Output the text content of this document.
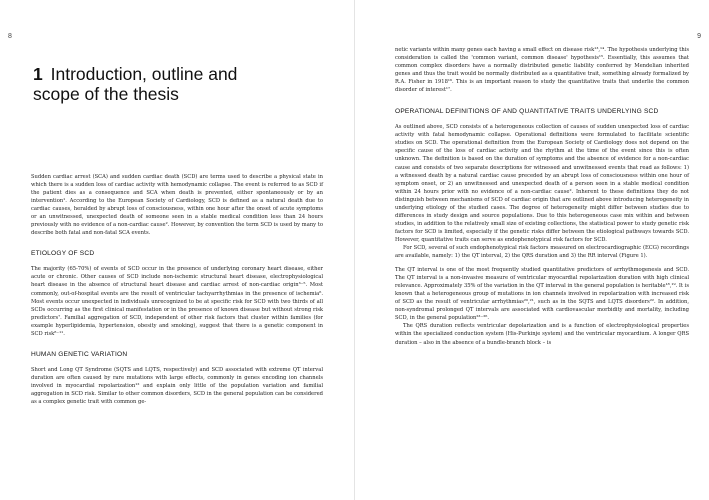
8
1 Introduction, outline and scope of the thesis

Sudden cardiac arrest (SCA) and sudden cardiac death (SCD) are terms used to describe a physical state in which there is a sudden loss of cardiac activity with hemodynamic collapse. The event is referred to as SCD if the patient dies as a consequence and SCA when death is prevented, either spontaneously or by an intervention¹. According to the European Society of Cardiology, SCD is defined as a natural death due to cardiac causes, heralded by abrupt loss of consciousness, within one hour after the onset of acute symptoms or an unwitnessed, unexpected death of someone seen in a stable medical condition less than 24 hours previously with no evidence of a non-cardiac cause². However, by convention the term SCD is used by many to describe both fatal and non-fatal SCA events.

ETIOLOGY OF SCD

The majority (65-70%) of events of SCD occur in the presence of underlying coronary heart disease, either acute or chronic. Other causes of SCD include non-ischemic structural heart disease, electrophysiological heart disease in the absence of structural heart disease and cardiac arrest of non-cardiac origin³⁻⁵. Most commonly, out-of-hospital events are the result of ventricular tachyarrhythmias in the presence of ischemia⁶. Most events occur unexpected in individuals unrecognized to be at specific risk for SCD with two thirds of all SCDs occurring as the first clinical manifestation or in the presence of known disease but without strong risk predictors⁷. Familial aggregation of SCD, independent of other risk factors that cluster within families (for example hyperlipidemia, hypertension, obesity and smoking), suggest that there is a genetic component in SCD risk⁸⁻¹¹.

HUMAN GENETIC VARIATION

Short and Long QT Syndrome (SQTS and LQTS, respectively) and SCD associated with extreme QT interval duration are often caused by rare mutations with large effects, commonly in genes encoding ion channels involved in myocardial repolarization¹² and explain only little of the population variation and familial aggregation in SCD risk. Similar to other common disorders, SCD in the general population can be considered as a complex genetic trait with common ge-

9

netic variants within many genes each having a small effect on disease risk¹³,¹⁴. The hypothesis underlying this consideration is called the 'common variant, common disease' hypothesis¹⁵. Essentially, this assumes that common complex disorders have a normally distributed genetic liability conferred by Mendelian inherited genes and thus the trait would be normally distributed as a quantitative trait, something already formalized by R.A. Fisher in 1918¹⁶. This is an important reason to study the quantitative traits that underlie the common disorder of interest¹⁷.

OPERATIONAL DEFINITIONS OF AND QUANTITATIVE TRAITS UNDERLYING SCD

As outlined above, SCD consists of a heterogeneous collection of causes of sudden unexpected loss of cardiac activity with fatal hemodynamic collapse. Operational definitions were formulated to facilitate scientific studies on SCD. The operational definition from the European Society of Cardiology does not depend on the specific cause of the loss of cardiac activity and the rhythm at the time of the event since this is often unknown. The definition is based on the duration of symptoms and the absence of evidence for a non-cardiac cause and consists of two separate descriptions for witnessed and unwitnessed events that read as follows: 1) a witnessed death by a natural cardiac cause preceded by an abrupt loss of consciousness within one hour of symptom onset, or 2) an unwitnessed and unexpected death of a person seen in a stable medical condition within 24 hours prior with no evidence of a non-cardiac cause². Inherent to these definitions they do not distinguish between mechanisms of SCD of cardiac origin that are outlined above introducing heterogeneity in underlying etiology of the studied cases. The degree of heterogeneity might differ between studies due to differences in study design and source populations. Due to this heterogeneous case mix within and between studies, in addition to the relatively small size of existing collections, the statistical power to study genetic risk factors for SCD is limited, especially if the genetic risks differ between the etiological pathways towards SCD. However, quantitative traits can serve as endophenotypical risk factors for SCD.

For SCD, several of such endophenotypical risk factors measured on electrocardiographic (ECG) recordings are available, namely: 1) the QT interval, 2) the QRS duration and 3) the RR interval (Figure 1).

The QT interval is one of the most frequently studied quantitative predictors of arrhythmogenesis and SCD. The QT interval is a non-invasive measure of ventricular myocardial repolarization duration with high clinical relevance. Approximately 35% of the variation in the QT interval in the general population is heritable¹⁸,¹⁹. It is known that a heterogeneous group of mutations in ion channels involved in repolarization with increased risk of SCD as the result of ventricular arrhythmias²⁰,²¹, such as in the SQTS and LQTS disorders²². In addition, non-syndromal prolonged QT intervals are associated with cardiovascular morbidity and mortality, including SCD, in the general population²³⁻²⁶.

The QRS duration reflects ventricular depolarization and is a function of electrophysiological properties within the specialized conduction system (His-Purkinje system) and the ventricular myocardium. A longer QRS duration – also in the absence of a bundle-branch block – is
